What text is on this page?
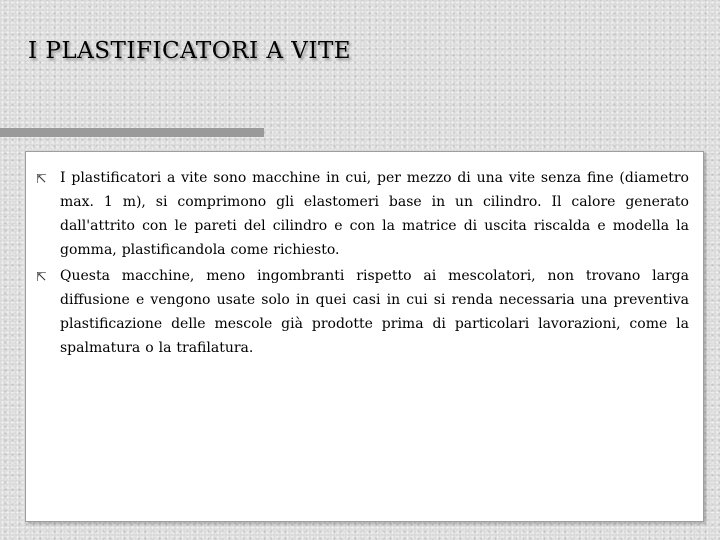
I PLASTIFICATORI A VITE
⇱ I plastificatori a vite sono macchine in cui, per mezzo di una vite senza fine (diametro max. 1 m), si comprimono gli elastomeri base in un cilindro. Il calore generato dall'attrito con le pareti del cilindro e con la matrice di uscita riscalda e modella la gomma, plastificandola come richiesto.
⇱ Questa macchine, meno ingombranti rispetto ai mescolatori, non trovano larga diffusione e vengono usate solo in quei casi in cui si renda necessaria una preventiva plastificazione delle mescole già prodotte prima di particolari lavorazioni, come la spalmatura o la trafilatura.
